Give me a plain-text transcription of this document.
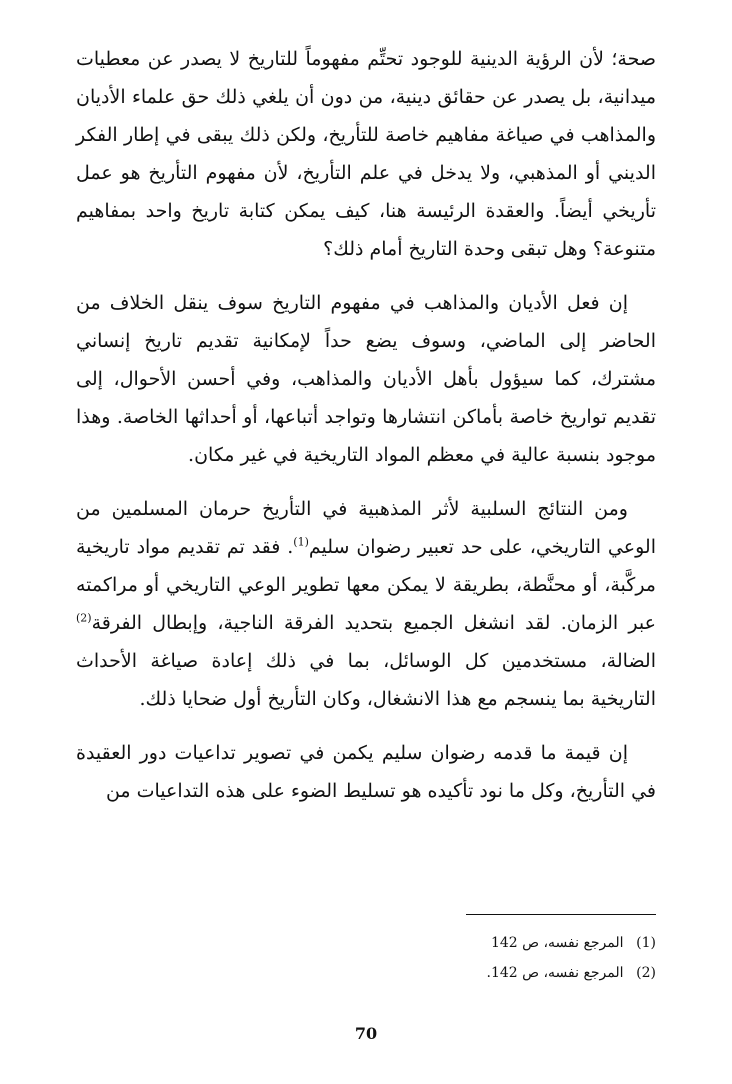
صحة؛ لأن الرؤية الدينية للوجود تحتِّم مفهوماً للتاريخ لا يصدر عن معطيات ميدانية، بل يصدر عن حقائق دينية، من دون أن يلغي ذلك حق علماء الأديان والمذاهب في صياغة مفاهيم خاصة للتأريخ، ولكن ذلك يبقى في إطار الفكر الديني أو المذهبي، ولا يدخل في علم التأريخ، لأن مفهوم التأريخ هو عمل تأريخي أيضاً. والعقدة الرئيسة هنا، كيف يمكن كتابة تاريخ واحد بمفاهيم متنوعة؟ وهل تبقى وحدة التاريخ أمام ذلك؟

إن فعل الأديان والمذاهب في مفهوم التاريخ سوف ينقل الخلاف من الحاضر إلى الماضي، وسوف يضع حداً لإمكانية تقديم تاريخ إنساني مشترك، كما سيؤول بأهل الأديان والمذاهب، وفي أحسن الأحوال، إلى تقديم تواريخ خاصة بأماكن انتشارها وتواجد أتباعها، أو أحداثها الخاصة. وهذا موجود بنسبة عالية في معظم المواد التاريخية في غير مكان.

ومن النتائج السلبية لأثر المذهبية في التأريخ حرمان المسلمين من الوعي التاريخي، على حد تعبير رضوان سليم$^{(1)}$. فقد تم تقديم مواد تاريخية مركَّبة، أو محنَّطة، بطريقة لا يمكن معها تطوير الوعي التاريخي أو مراكمته عبر الزمان. لقد انشغل الجميع بتحديد الفرقة الناجية، وإبطال الفرقة$^{(2)}$ الضالة، مستخدمين كل الوسائل، بما في ذلك إعادة صياغة الأحداث التاريخية بما ينسجم مع هذا الانشغال، وكان التأريخ أول ضحايا ذلك.

إن قيمة ما قدمه رضوان سليم يكمن في تصوير تداعيات دور العقيدة في التأريخ، وكل ما نود تأكيده هو تسليط الضوء على هذه التداعيات من

(1) المرجع نفسه، ص 142
(2) المرجع نفسه، ص 142.
70
